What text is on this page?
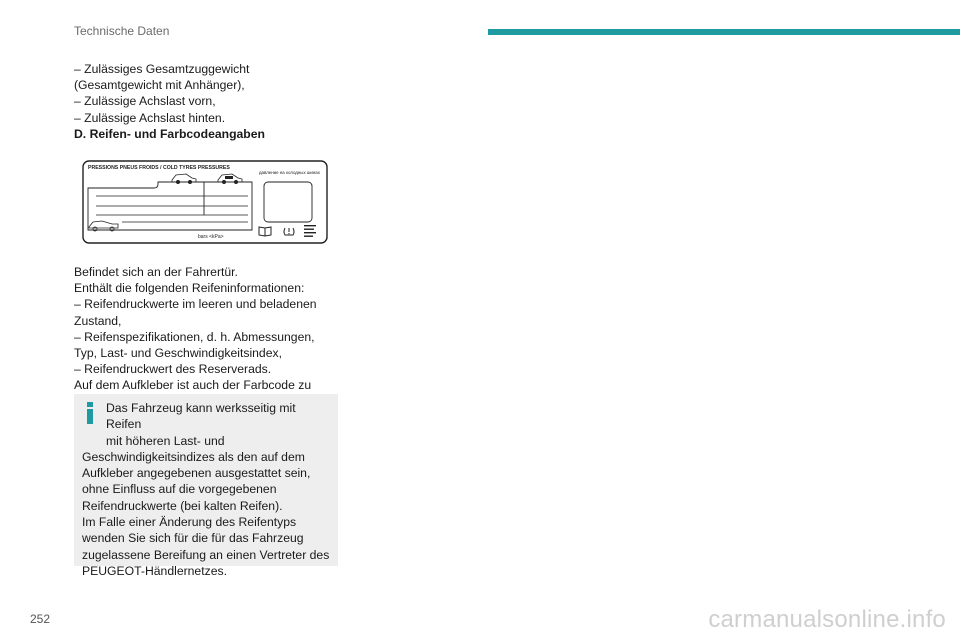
Technische Daten

– Zulässiges Gesamtzuggewicht (Gesamtgewicht mit Anhänger),

– Zulässige Achslast vorn,

– Zulässige Achslast hinten.

D. Reifen- und Farbcodeangaben

PRESSIONS PNEUS FROIDS / COLD TYRES PRESSURES
давление на холодных шинах
bars <kPa>

Befindet sich an der Fahrertür.

Enthält die folgenden Reifeninformationen:

– Reifendruckwerte im leeren und beladenen Zustand,

– Reifenspezifikationen, d. h. Abmessungen, Typ, Last- und Geschwindigkeitsindex,

– Reifendruckwert des Reserverads.

Auf dem Aufkleber ist auch der Farbcode zu

Das Fahrzeug kann werksseitig mit Reifen

mit höheren Last- und

Geschwindigkeitsindizes als den auf dem Aufkleber angegebenen ausgestattet sein, ohne Einfluss auf die vorgegebenen Reifendruckwerte (bei kalten Reifen).

Im Falle einer Änderung des Reifentyps wenden Sie sich für die für das Fahrzeug zugelassene Bereifung an einen Vertreter des PEUGEOT-Händlernetzes.

252	carmanualsonline.info
